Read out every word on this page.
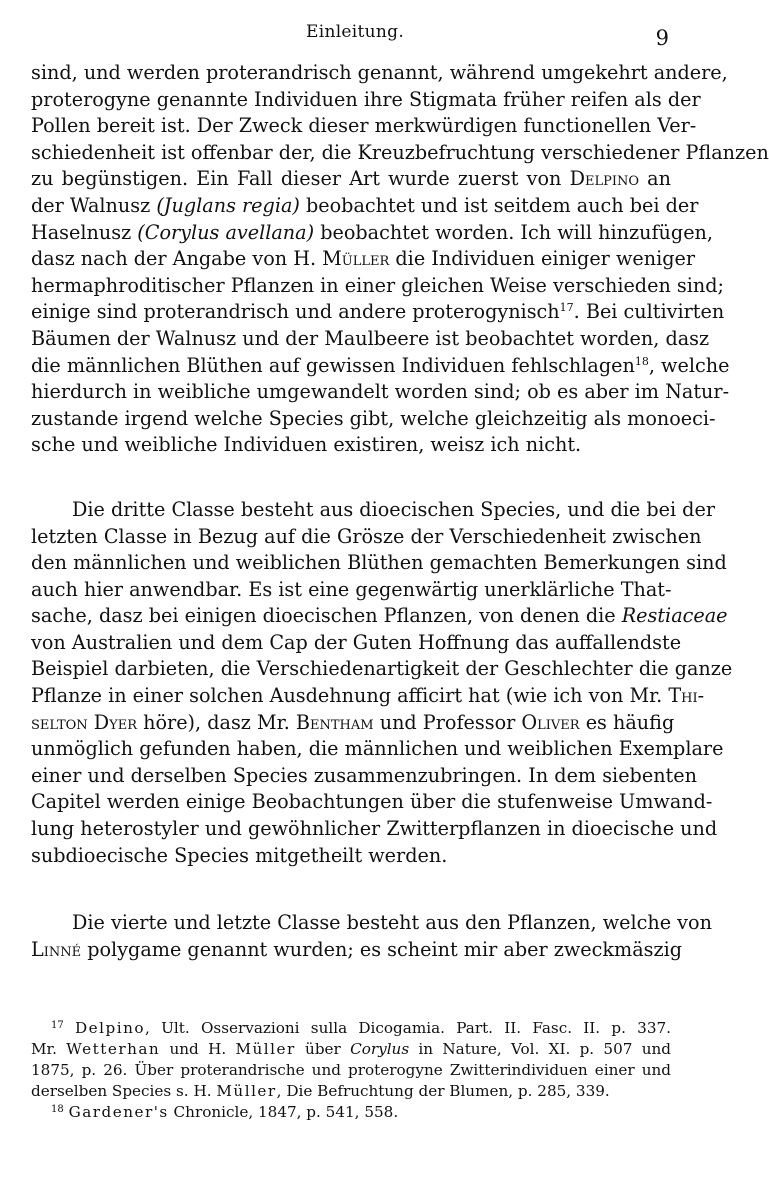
Einleitung.	9
sind, und werden proterandrisch genannt, während umgekehrt andere,
proterogyne genannte Individuen ihre Stigmata früher reifen als der
Pollen bereit ist. Der Zweck dieser merkwürdigen functionellen Ver-
schiedenheit ist offenbar der, die Kreuzbefruchtung verschiedener Pflanzen
zu begünstigen. Ein Fall dieser Art wurde zuerst von Delpino an
der Walnusz (Juglans regia) beobachtet und ist seitdem auch bei der
Haselnusz (Corylus avellana) beobachtet worden. Ich will hinzufügen,
dasz nach der Angabe von H. Müller die Individuen einiger weniger
hermaphroditischer Pflanzen in einer gleichen Weise verschieden sind;
einige sind proterandrisch und andere proterogynisch$^{17}$. Bei cultivirten
Bäumen der Walnusz und der Maulbeere ist beobachtet worden, dasz
die männlichen Blüthen auf gewissen Individuen fehlschlagen$^{18}$, welche
hierdurch in weibliche umgewandelt worden sind; ob es aber im Natur-
zustande irgend welche Species gibt, welche gleichzeitig als monoeci-
sche und weibliche Individuen existiren, weisz ich nicht.
Die dritte Classe besteht aus dioecischen Species, und die bei der
letzten Classe in Bezug auf die Grösze der Verschiedenheit zwischen
den männlichen und weiblichen Blüthen gemachten Bemerkungen sind
auch hier anwendbar. Es ist eine gegenwärtig unerklärliche That-
sache, dasz bei einigen dioecischen Pflanzen, von denen die Restiaceae
von Australien und dem Cap der Guten Hoffnung das auffallendste
Beispiel darbieten, die Verschiedenartigkeit der Geschlechter die ganze
Pflanze in einer solchen Ausdehnung afficirt hat (wie ich von Mr. Thi-
selton Dyer höre), dasz Mr. Bentham und Professor Oliver es häufig
unmöglich gefunden haben, die männlichen und weiblichen Exemplare
einer und derselben Species zusammenzubringen. In dem siebenten
Capitel werden einige Beobachtungen über die stufenweise Umwand-
lung heterostyler und gewöhnlicher Zwitterpflanzen in dioecische und
subdioecische Species mitgetheilt werden.
Die vierte und letzte Classe besteht aus den Pflanzen, welche von
Linné polygame genannt wurden; es scheint mir aber zweckmäszig
$^{17}$ Delpino, Ult. Osservazioni sulla Dicogamia. Part. II. Fasc. II. p. 337.
Mr. Wetterhan und H. Müller über Corylus in Nature, Vol. XI. p. 507 und
1875, p. 26. Über proterandrische und proterogyne Zwitterindividuen einer und
derselben Species s. H. Müller, Die Befruchtung der Blumen, p. 285, 339.
$^{18}$ Gardener's Chronicle, 1847, p. 541, 558.
